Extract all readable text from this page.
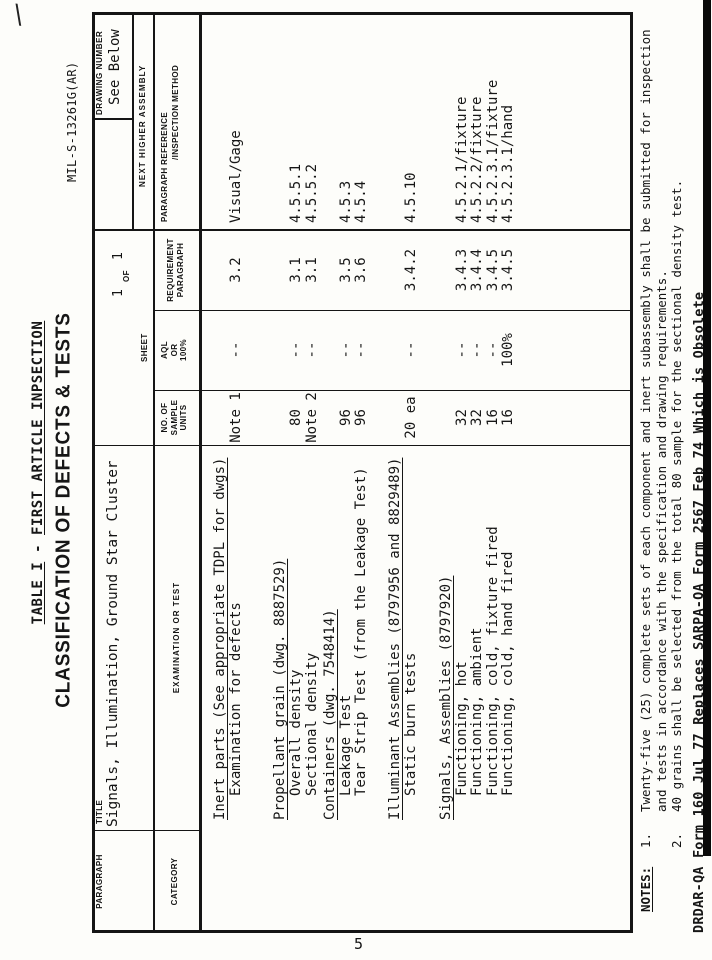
\
5
TABLE I - FIRST ARTICLE INPSECTION CLASSIFICATION OF DEFECTS & TESTS
MIL-S-13261G(AR)
PARAGRAPH	CATEGORY
TITLE Signals, Illumination, Ground Star Cluster
SHEET
1
OF
1
DRAWING NUMBER See Below NEXT HIGHER ASSEMBLY
EXAMINATION OR TEST
NO. OF SAMPLE UNITS
AQL OR 100%
REQUIREMENT PARAGRAPH
PARAGRAPH REFERENCE /INSPECTION METHOD
Inert parts (See appropriate TDPL for dwgs) Examination for defects
Note 1
--
3.2
Visual/Gage
Propellant grain (dwg. 8887529) Overall density
80
--
3.1
4.5.5.1
Sectional density
Note 2
--
3.1
4.5.5.2
Containers (dwg. 7548414) Leakage Test
96
--
3.5
4.5.3
Tear Strip Test (from the Leakage Test)
96
--
3.6
4.5.4
Illuminant Assemblies (8797956 and 8829489) Static burn tests
20 ea
--
3.4.2
4.5.10
Signals, Assemblies (8797920) Functioning, hot
32
--
3.4.3
4.5.2.1/fixture
Functioning, ambient
32
--
3.4.4
4.5.2.2/fixture
Functioning, cold, fixture fired
16
--
3.4.5
4.5.2.3.1/fixture
Functioning, cold, hand fired
16
100%
3.4.5
4.5.2.3.1/hand
NOTES:
1.
Twenty-five (25) complete sets of each component and inert subassembly shall be submitted for inspection and tests in accordance with the specification and drawing requirements.
2.
40 grains shall be selected from the total 80 sample for the sectional density test. DRDAR-QA Form 160 Jul 77 Replaces SARPA-QA Form 2567 Feb 74 Which is Obsolete
